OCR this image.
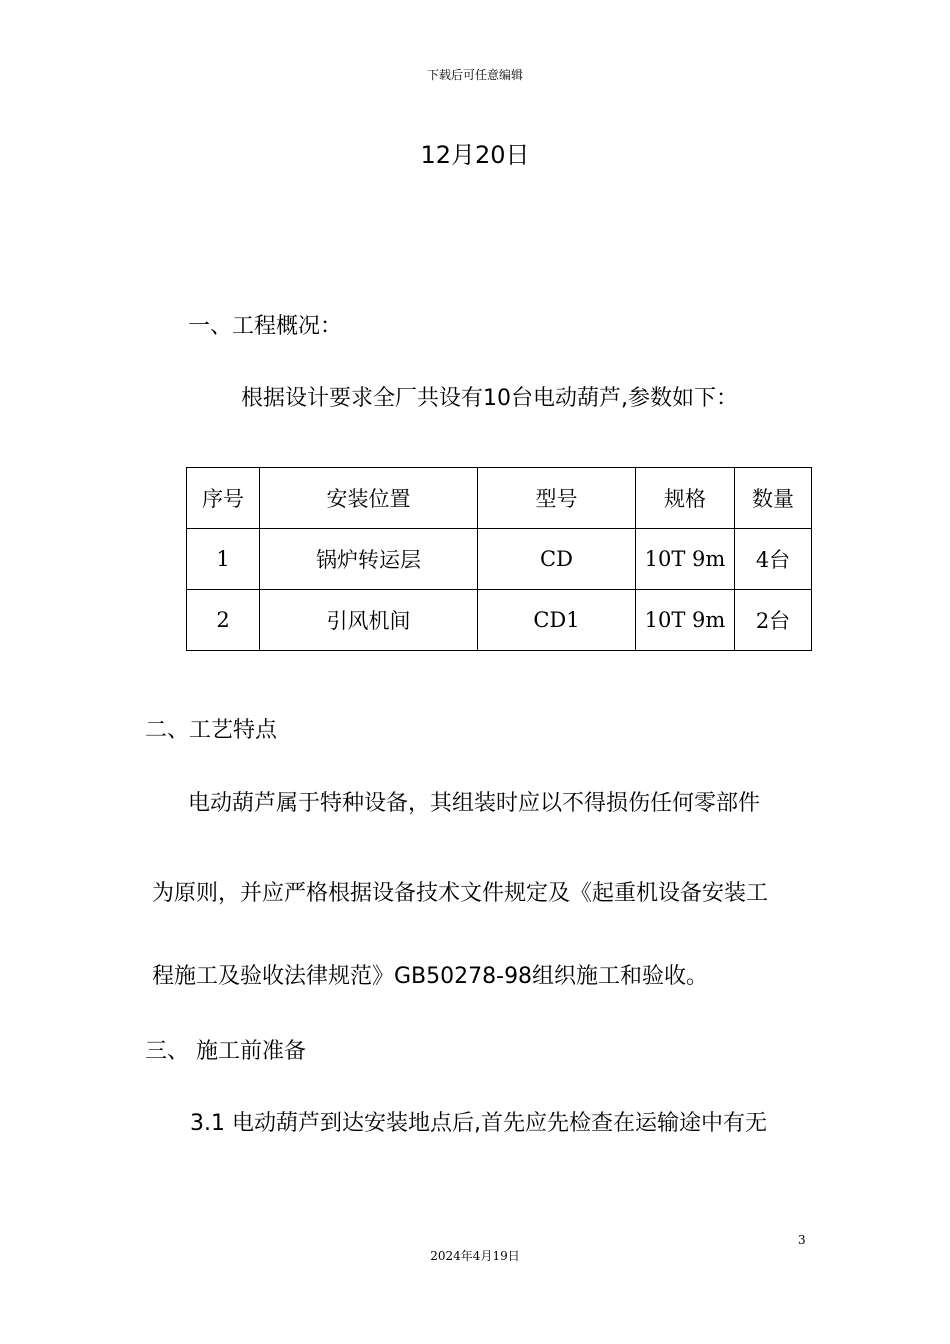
下载后可任意编辑
12月20日
一、工程概况：
根据设计要求全厂共设有10台电动葫芦,参数如下：
序号	安装位置	型号	规格	数量
1	锅炉转运层	CD	10T 9m	4台
2	引风机间	CD1	10T 9m	2台
二、工艺特点
电动葫芦属于特种设备，其组装时应以不得损伤任何零部件
为原则，并应严格根据设备技术文件规定及《起重机设备安装工
程施工及验收法律规范》GB50278-98组织施工和验收。
三、 施工前准备
3.1 电动葫芦到达安装地点后,首先应先检查在运输途中有无
3
2024年4月19日
